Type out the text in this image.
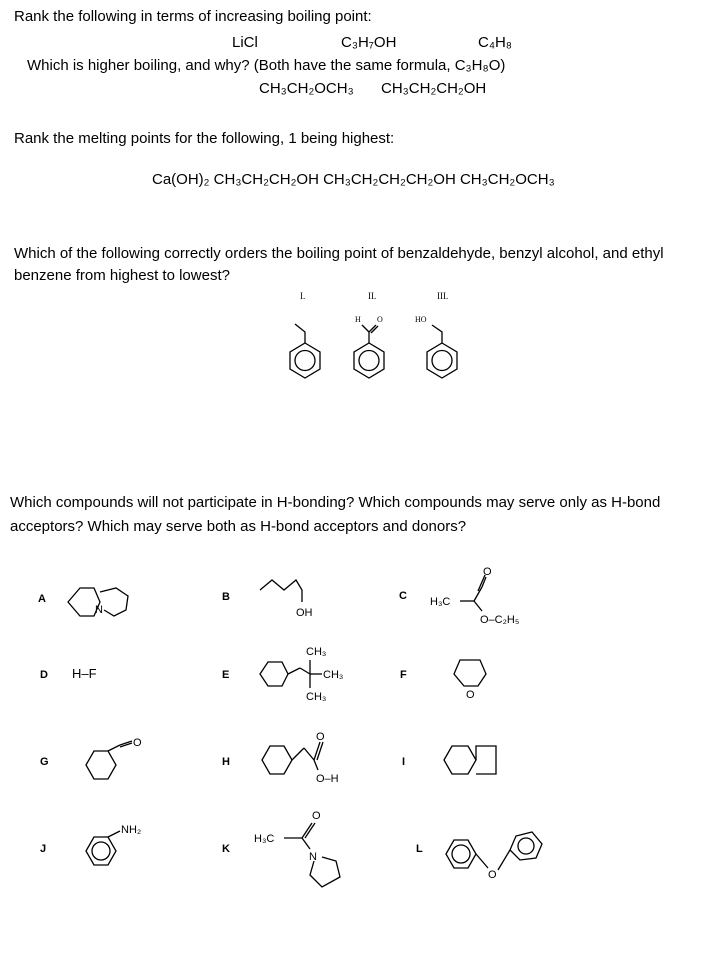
Rank the following in terms of increasing boiling point:
LiCl	C₃H₇OH	C₄H₈
Which is higher boiling, and why? (Both have the same formula, C₃H₈O)
CH₃CH₂OCH₃ CH₃CH₂CH₂OH
Rank the melting points for the following, 1 being highest:
Ca(OH)₂ CH₃CH₂CH₂OH CH₃CH₂CH₂CH₂OH CH₃CH₂OCH₃
Which of the following correctly orders the boiling point of benzaldehyde, benzyl alcohol, and ethyl benzene from highest to lowest?
I.	II.	III.
H O	HO
Which compounds will not participate in H-bonding? Which compounds may serve only as H-bond acceptors? Which may serve both as H-bond acceptors and donors?
A
N
B
OH
C H₃C
O
O–C₂H₅
D H–F	E
CH₃
CH₃
CH₃
F
O
G
O
H
O
O–H
I
J
NH₂
K
H₃C
O
N
L
O
